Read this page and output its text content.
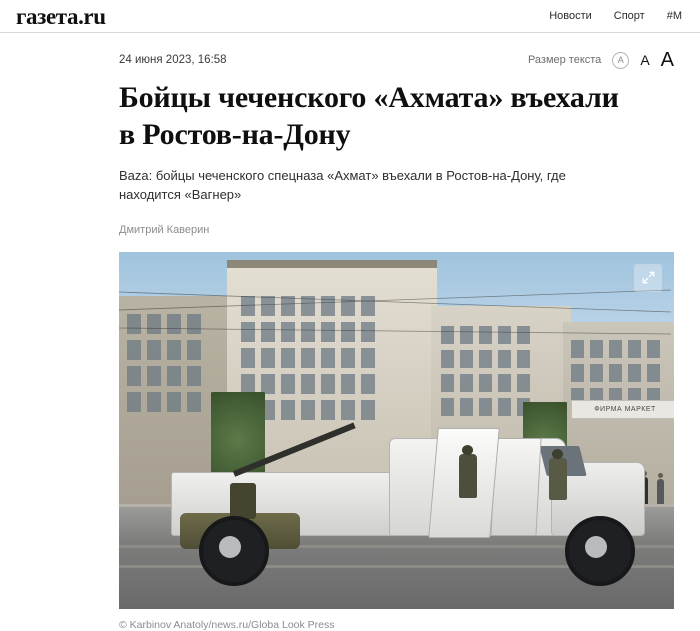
газета.ru	Новости Спорт #М
24 июня 2023, 16:58	Размер текста	A	A A
Бойцы чеченского «Ахмата» въехали в Ростов-на-Дону

Baza: бойцы чеченского спецназа «Ахмат» въехали в Ростов-на-Дону, где находится «Вагнер»

Дмитрий Каверин
ФИРМА МАРКЕТ
© Karbinov Anatoly/news.ru/Globa Look Press
